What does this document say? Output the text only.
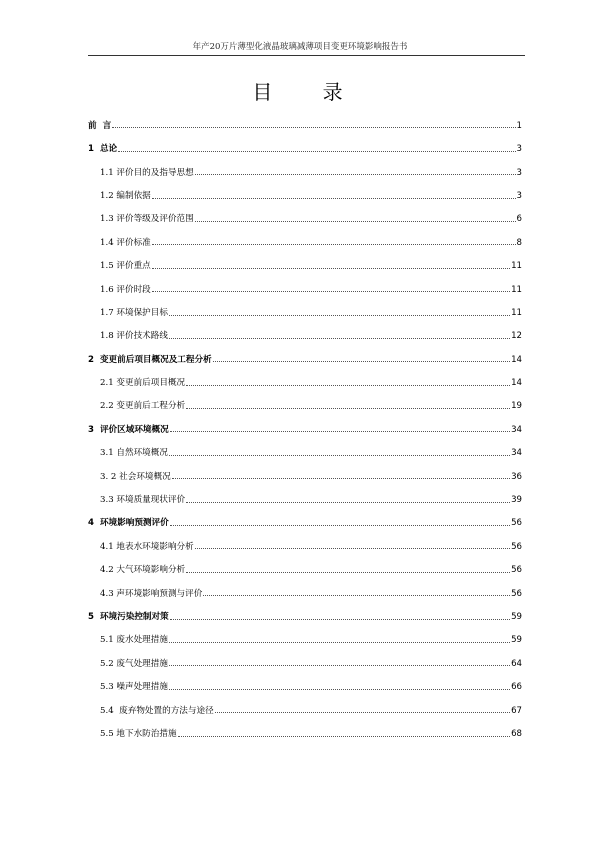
年产20万片薄型化液晶玻璃减薄项目变更环境影响报告书
目 录
前  言	1
1  总论	3
1.1 评价目的及指导思想	3
1.2 编制依据	3
1.3 评价等级及评价范围	6
1.4 评价标准	8
1.5 评价重点	11
1.6 评价时段	11
1.7 环境保护目标	11
1.8 评价技术路线	12
2  变更前后项目概况及工程分析	14
2.1 变更前后项目概况	14
2.2 变更前后工程分析	19
3  评价区域环境概况	34
3.1 自然环境概况	34
3. 2 社会环境概况	36
3.3 环境质量现状评价	39
4  环境影响预测评价	56
4.1 地表水环境影响分析	56
4.2 大气环境影响分析	56
4.3 声环境影响预测与评价	56
5  环境污染控制对策	59
5.1 废水处理措施	59
5.2 废气处理措施	64
5.3 噪声处理措施	66
5.4  废弃物处置的方法与途径	67
5.5 地下水防治措施	68
